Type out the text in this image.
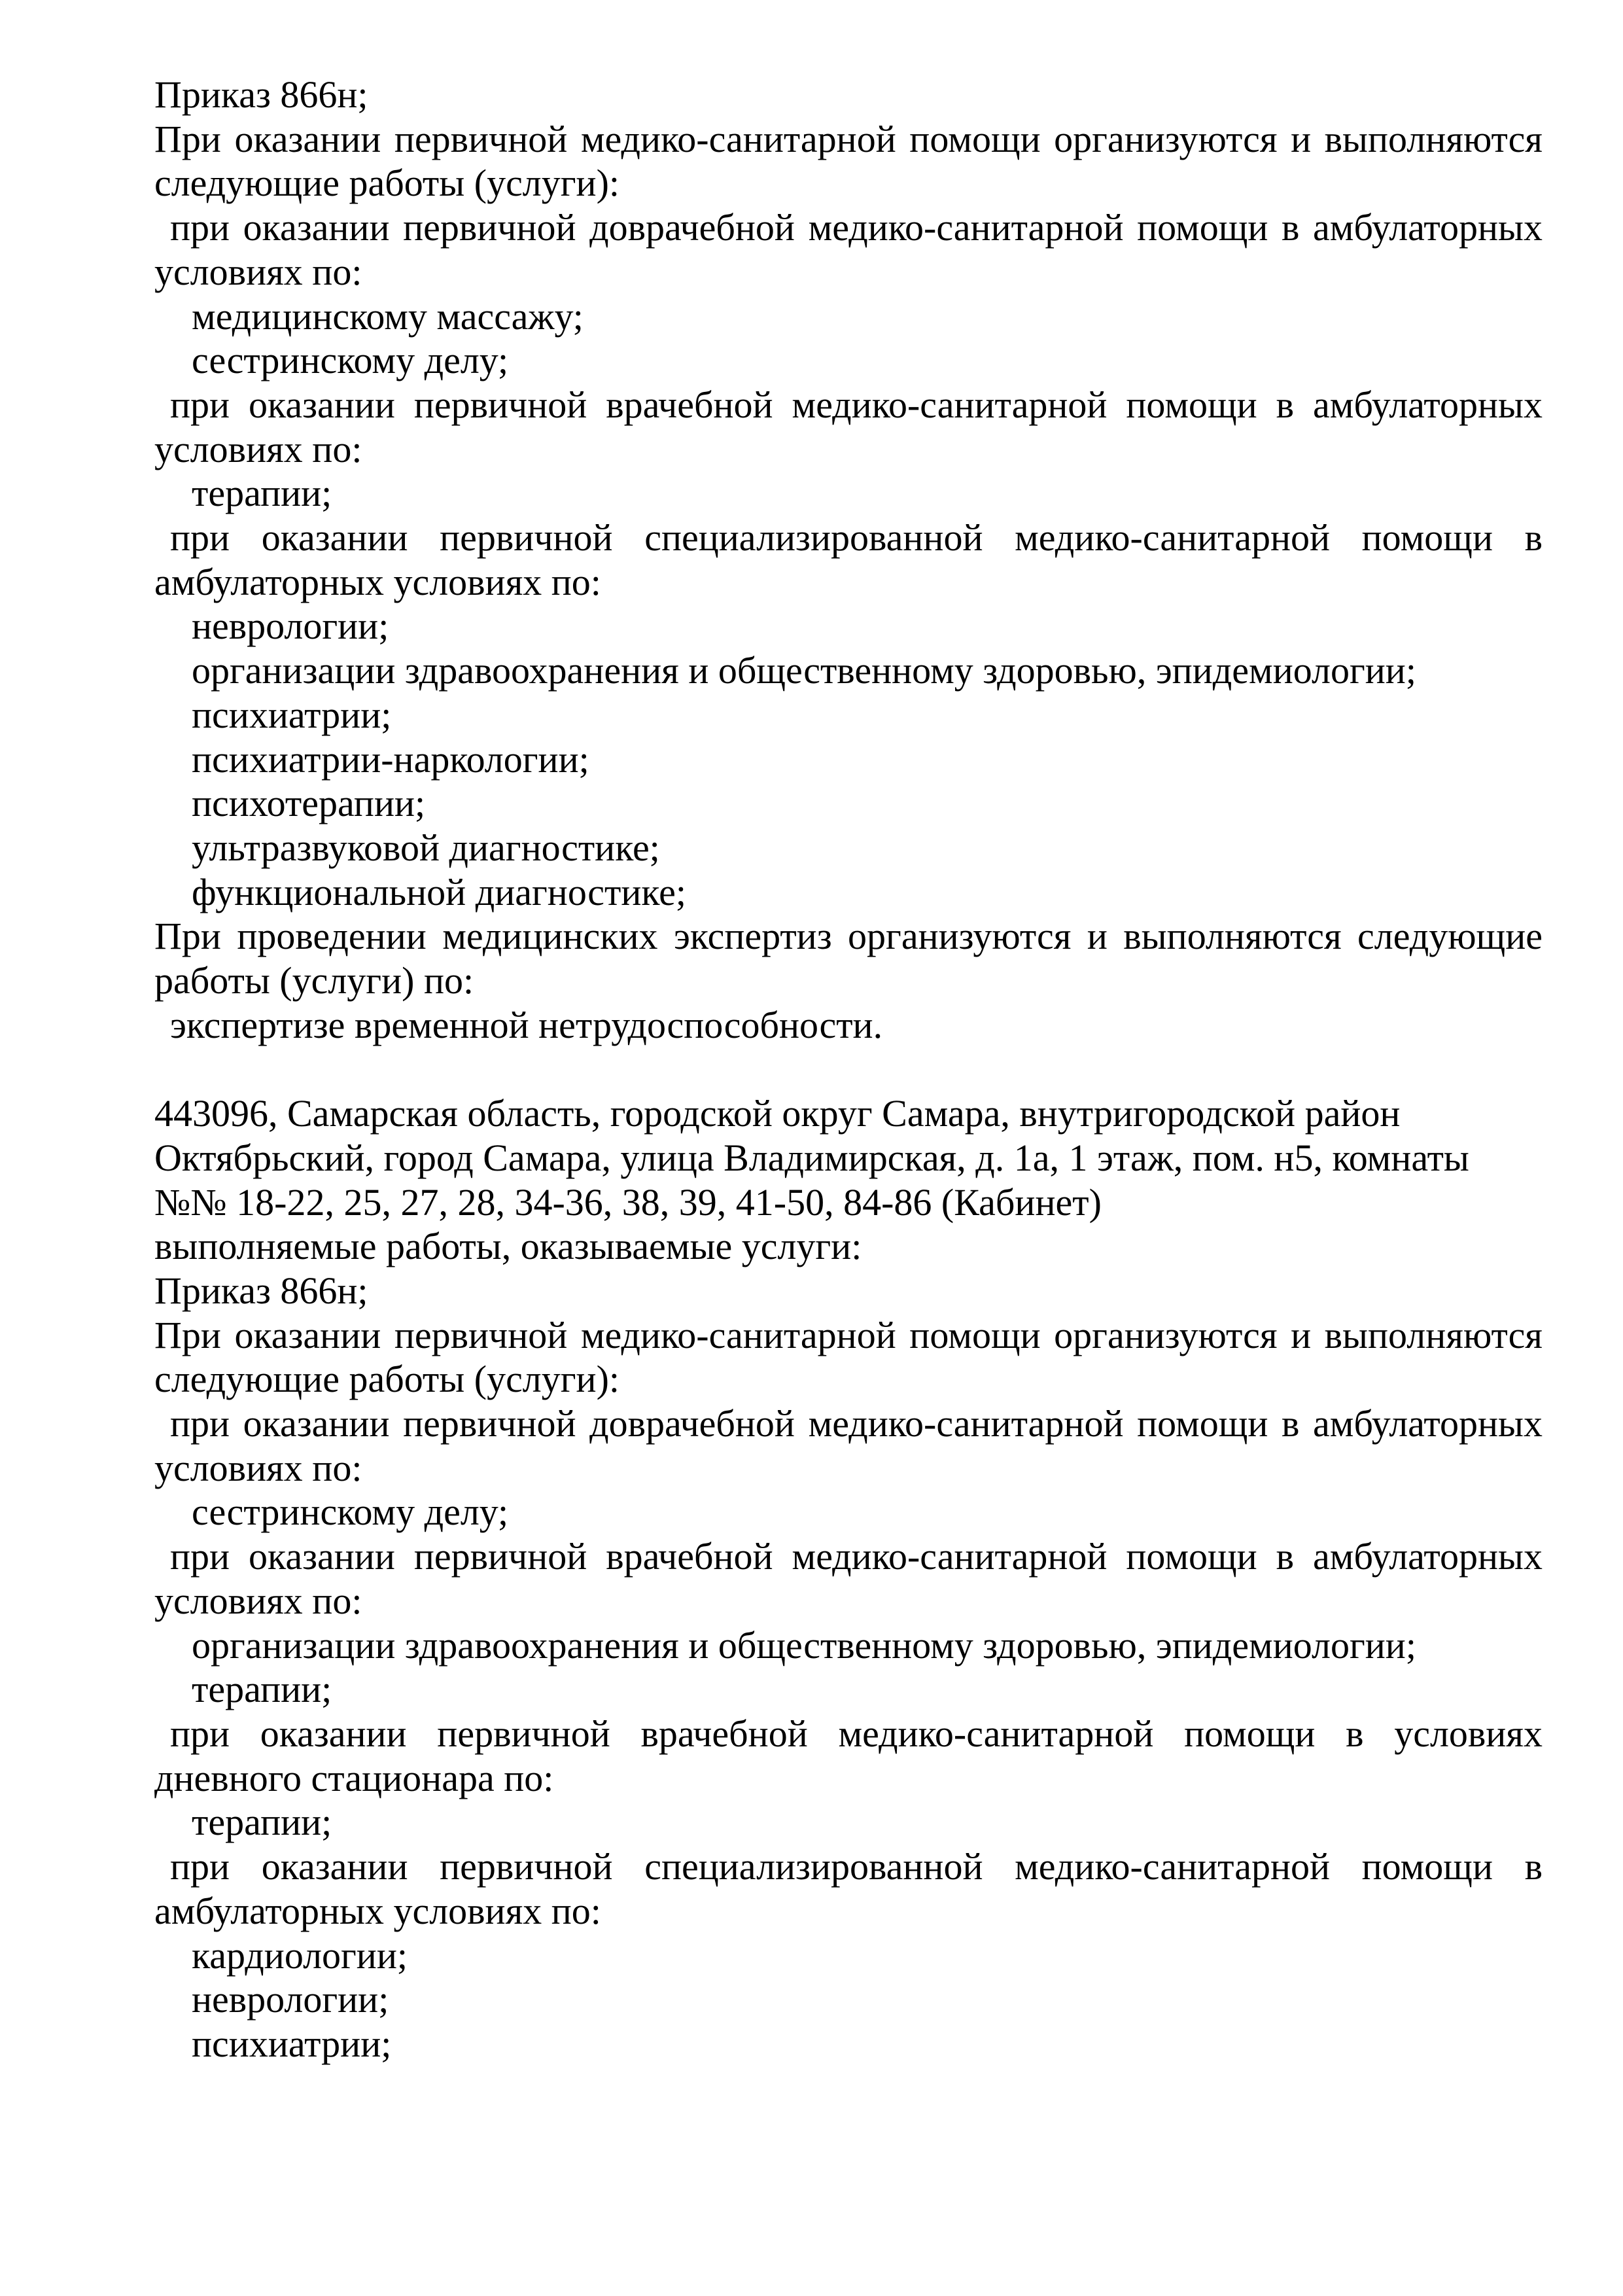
Приказ 866н;
При оказании первичной медико-санитарной помощи организуются и выполняются
следующие работы (услуги):
при оказании первичной доврачебной медико-санитарной помощи в амбулаторных
условиях по:
медицинскому массажу;
сестринскому делу;
при оказании первичной врачебной медико-санитарной помощи в амбулаторных
условиях по:
терапии;
при оказании первичной специализированной медико-санитарной помощи в
амбулаторных условиях по:
неврологии;
организации здравоохранения и общественному здоровью, эпидемиологии;
психиатрии;
психиатрии-наркологии;
психотерапии;
ультразвуковой диагностике;
функциональной диагностике;
При проведении медицинских экспертиз организуются и выполняются следующие
работы (услуги) по:
экспертизе временной нетрудоспособности.
443096, Самарская область, городской округ Самара, внутригородской район
Октябрьский, город Самара, улица Владимирская, д. 1а, 1 этаж, пом. н5, комнаты
№№ 18-22, 25, 27, 28, 34-36, 38, 39, 41-50, 84-86 (Кабинет)
выполняемые работы, оказываемые услуги:
Приказ 866н;
При оказании первичной медико-санитарной помощи организуются и выполняются
следующие работы (услуги):
при оказании первичной доврачебной медико-санитарной помощи в амбулаторных
условиях по:
сестринскому делу;
при оказании первичной врачебной медико-санитарной помощи в амбулаторных
условиях по:
организации здравоохранения и общественному здоровью, эпидемиологии;
терапии;
при оказании первичной врачебной медико-санитарной помощи в условиях
дневного стационара по:
терапии;
при оказании первичной специализированной медико-санитарной помощи в
амбулаторных условиях по:
кардиологии;
неврологии;
психиатрии;
